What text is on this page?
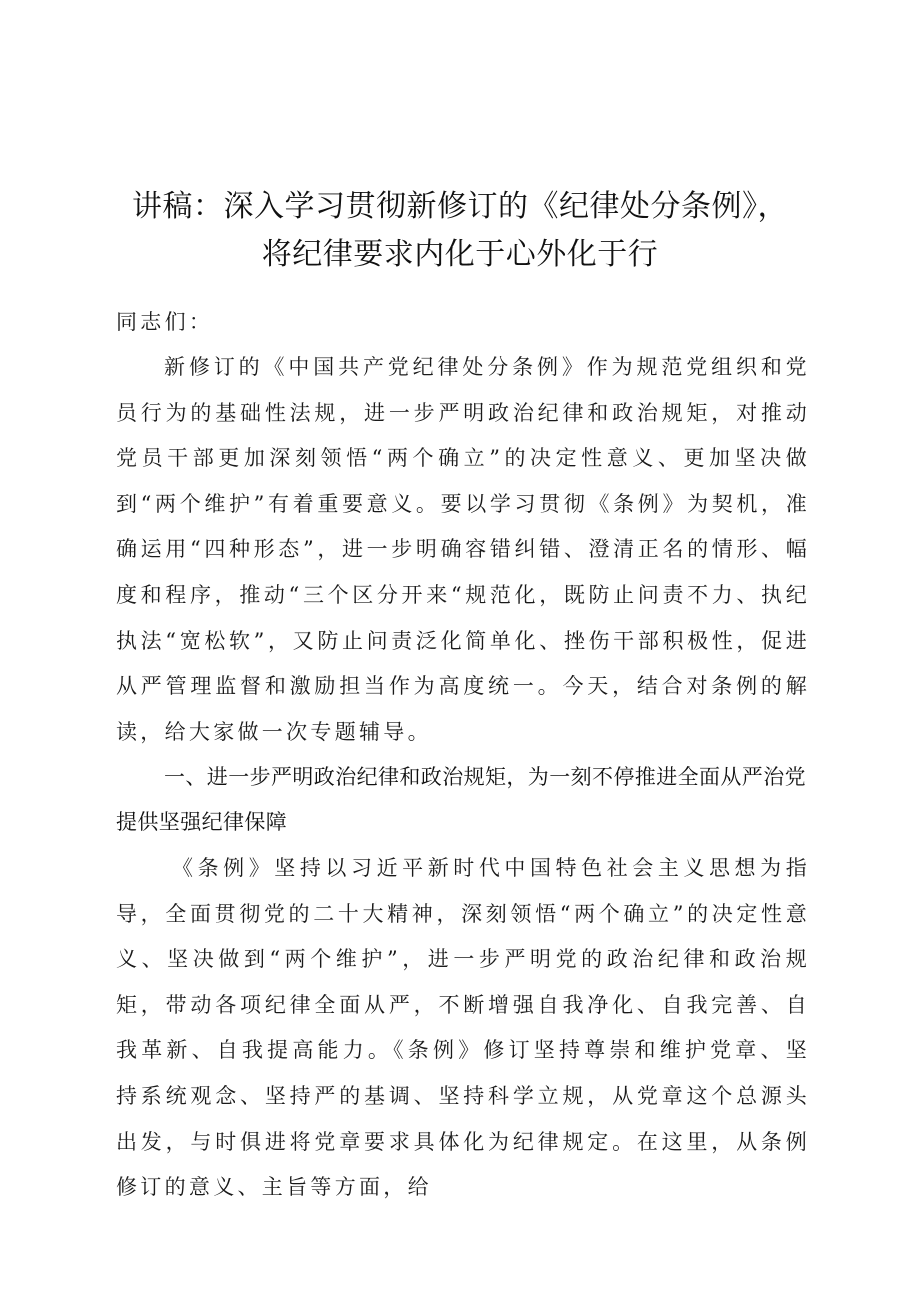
讲稿：深入学习贯彻新修订的《纪律处分条例》，
将纪律要求内化于心外化于行

同志们：

新修订的《中国共产党纪律处分条例》作为规范党组织和党员行为的基础性法规，进一步严明政治纪律和政治规矩，对推动党员干部更加深刻领悟“两个确立”的决定性意义、更加坚决做到“两个维护”有着重要意义。要以学习贯彻《条例》为契机，准确运用“四种形态”，进一步明确容错纠错、澄清正名的情形、幅度和程序，推动“三个区分开来“规范化，既防止问责不力、执纪执法“宽松软”，又防止问责泛化简单化、挫伤干部积极性，促进从严管理监督和激励担当作为高度统一。今天，结合对条例的解读，给大家做一次专题辅导。

一、进一步严明政治纪律和政治规矩，为一刻不停推进全面从严治党提供坚强纪律保障

《条例》坚持以习近平新时代中国特色社会主义思想为指导，全面贯彻党的二十大精神，深刻领悟“两个确立”的决定性意义、坚决做到“两个维护”，进一步严明党的政治纪律和政治规矩，带动各项纪律全面从严，不断增强自我净化、自我完善、自我革新、自我提高能力。《条例》修订坚持尊崇和维护党章、坚持系统观念、坚持严的基调、坚持科学立规，从党章这个总源头出发，与时俱进将党章要求具体化为纪律规定。在这里，从条例修订的意义、主旨等方面，给
